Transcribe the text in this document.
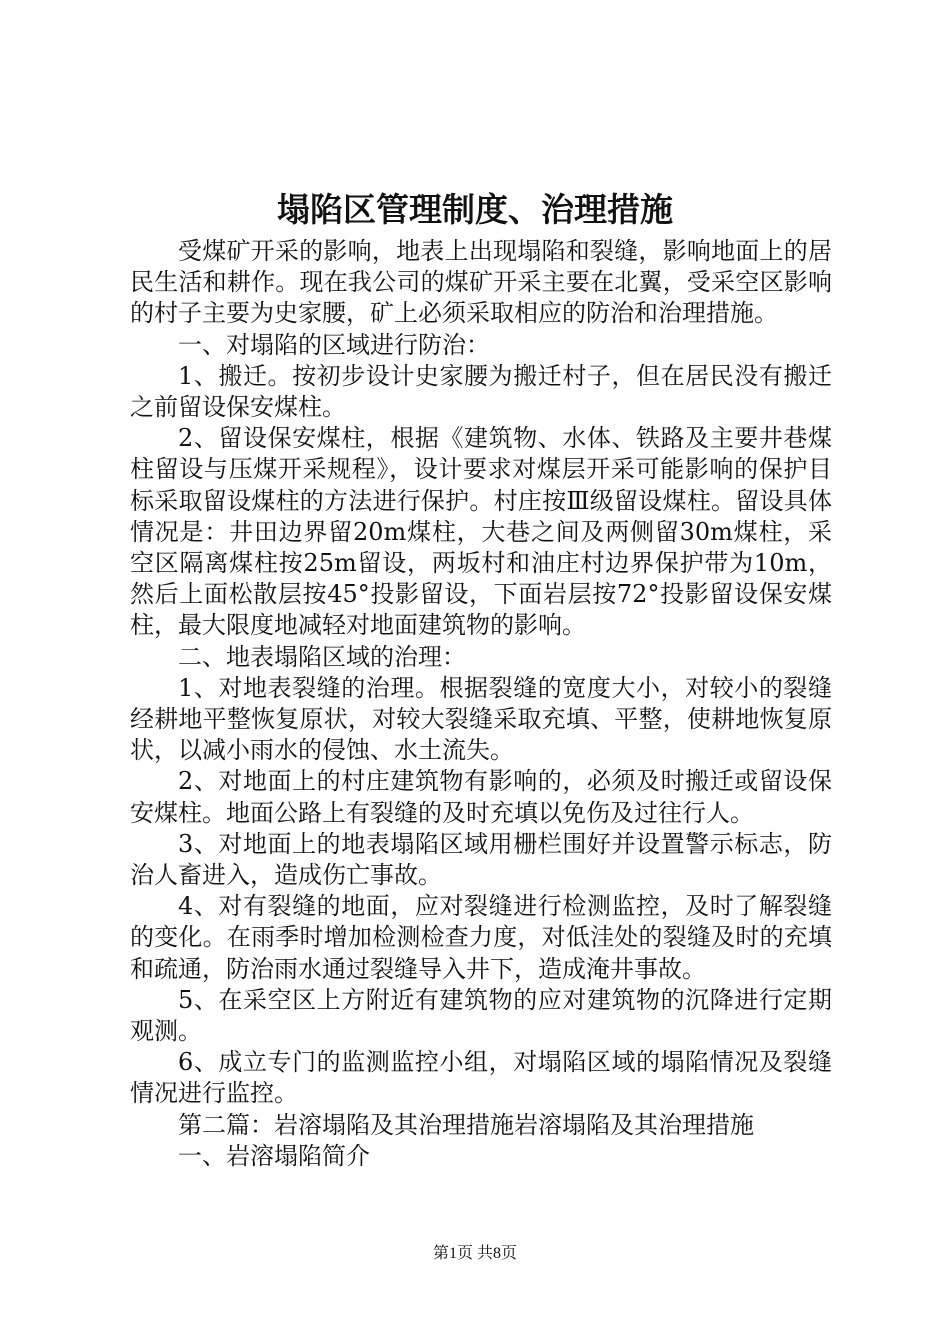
塌陷区管理制度、治理措施

受煤矿开采的影响，地表上出现塌陷和裂缝，影响地面上的居民生活和耕作。现在我公司的煤矿开采主要在北翼，受采空区影响的村子主要为史家腰，矿上必须采取相应的防治和治理措施。

一、对塌陷的区域进行防治：

1、搬迁。按初步设计史家腰为搬迁村子，但在居民没有搬迁之前留设保安煤柱。

2、留设保安煤柱，根据《建筑物、水体、铁路及主要井巷煤柱留设与压煤开采规程》，设计要求对煤层开采可能影响的保护目标采取留设煤柱的方法进行保护。村庄按Ⅲ级留设煤柱。留设具体情况是：井田边界留20m煤柱，大巷之间及两侧留30m煤柱，采空区隔离煤柱按25m留设，两坂村和油庄村边界保护带为10m，然后上面松散层按45°投影留设，下面岩层按72°投影留设保安煤柱，最大限度地减轻对地面建筑物的影响。

二、地表塌陷区域的治理：

1、对地表裂缝的治理。根据裂缝的宽度大小，对较小的裂缝经耕地平整恢复原状，对较大裂缝采取充填、平整，使耕地恢复原状，以减小雨水的侵蚀、水土流失。

2、对地面上的村庄建筑物有影响的，必须及时搬迁或留设保安煤柱。地面公路上有裂缝的及时充填以免伤及过往行人。

3、对地面上的地表塌陷区域用栅栏围好并设置警示标志，防治人畜进入，造成伤亡事故。

4、对有裂缝的地面，应对裂缝进行检测监控，及时了解裂缝的变化。在雨季时增加检测检查力度，对低洼处的裂缝及时的充填和疏通，防治雨水通过裂缝导入井下，造成淹井事故。

5、在采空区上方附近有建筑物的应对建筑物的沉降进行定期观测。

6、成立专门的监测监控小组，对塌陷区域的塌陷情况及裂缝情况进行监控。

第二篇：岩溶塌陷及其治理措施岩溶塌陷及其治理措施

一、岩溶塌陷简介

第1页 共8页
